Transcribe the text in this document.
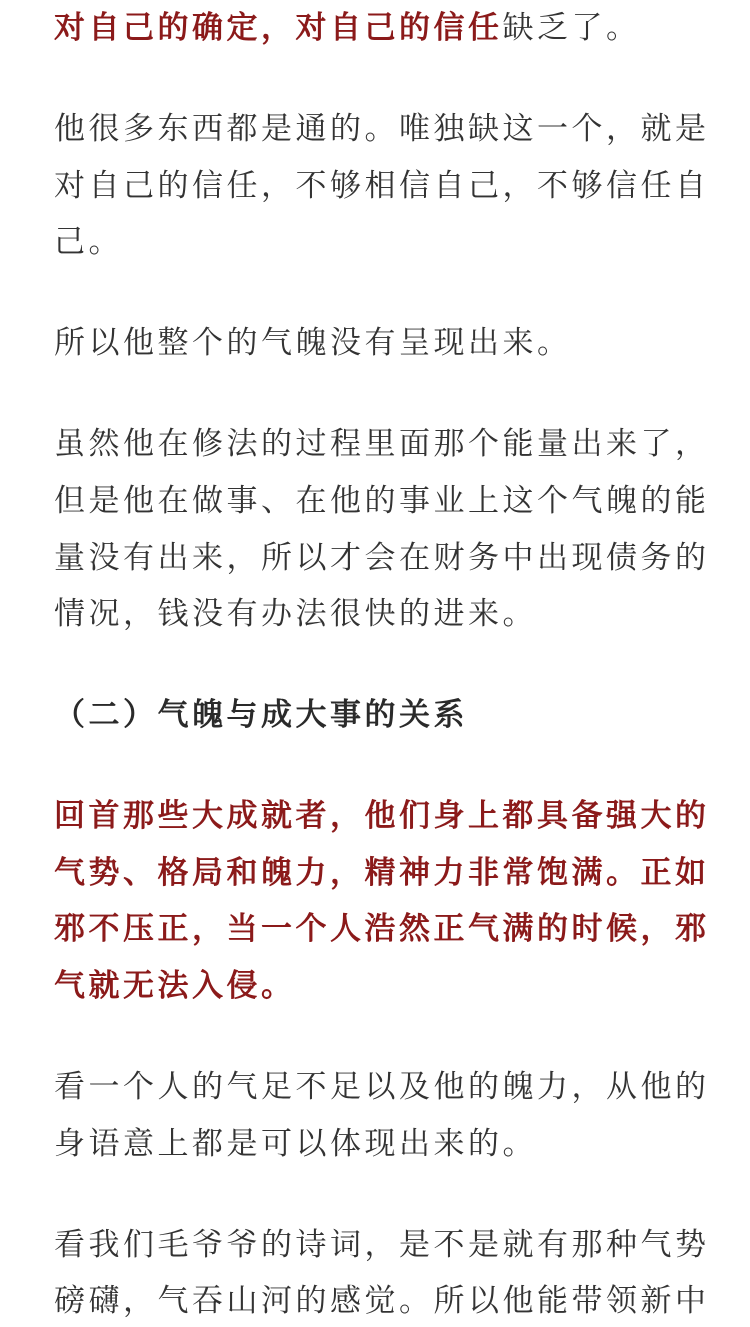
对自己的确定，对自己的信任缺乏了。
他很多东西都是通的。唯独缺这一个，就是
对自己的信任，不够相信自己，不够信任自
己。
所以他整个的气魄没有呈现出来。
虽然他在修法的过程里面那个能量出来了，
但是他在做事、在他的事业上这个气魄的能
量没有出来，所以才会在财务中出现债务的
情况，钱没有办法很快的进来。
（二）气魄与成大事的关系
回首那些大成就者，他们身上都具备强大的
气势、格局和魄力，精神力非常饱满。正如
邪不压正，当一个人浩然正气满的时候，邪
气就无法入侵。
看一个人的气足不足以及他的魄力，从他的
身语意上都是可以体现出来的。
看我们毛爷爷的诗词，是不是就有那种气势
磅礴，气吞山河的感觉。所以他能带领新中
